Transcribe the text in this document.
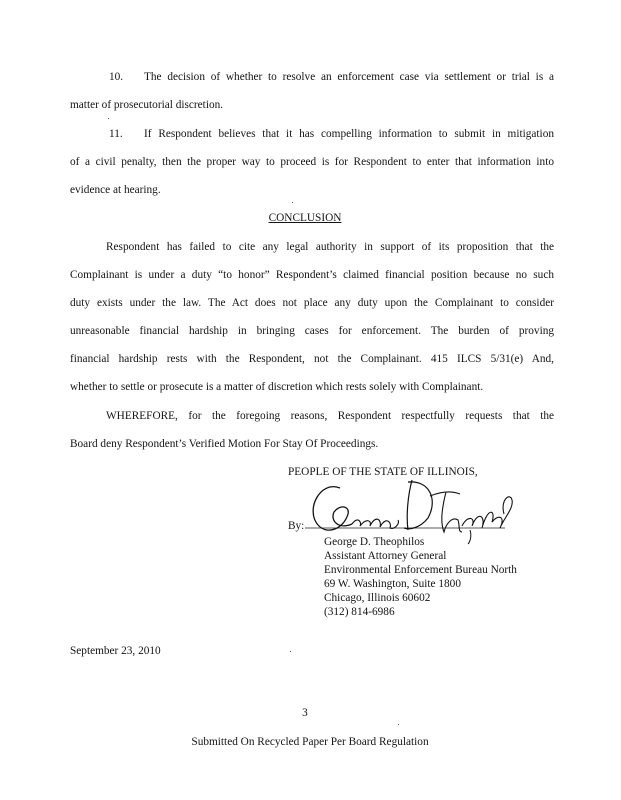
10. The decision of whether to resolve an enforcement case via settlement or trial is a
matter of prosecutorial discretion.
11. If Respondent believes that it has compelling information to submit in mitigation
of a civil penalty, then the proper way to proceed is for Respondent to enter that information into
evidence at hearing.
CONCLUSION
Respondent has failed to cite any legal authority in support of its proposition that the
Complainant is under a duty “to honor” Respondent’s claimed financial position because no such
duty exists under the law. The Act does not place any duty upon the Complainant to consider
unreasonable financial hardship in bringing cases for enforcement. The burden of proving
financial hardship rests with the Respondent, not the Complainant. 415 ILCS 5/31(e) And,
whether to settle or prosecute is a matter of discretion which rests solely with Complainant.
WHEREFORE, for the foregoing reasons, Respondent respectfully requests that the
Board deny Respondent’s Verified Motion For Stay Of Proceedings.
PEOPLE OF THE STATE OF ILLINOIS,
By:
George D. Theophilos
Assistant Attorney General
Environmental Enforcement Bureau North
69 W. Washington, Suite 1800
Chicago, Illinois 60602
(312) 814-6986
September 23, 2010
3
Submitted On Recycled Paper Per Board Regulation
